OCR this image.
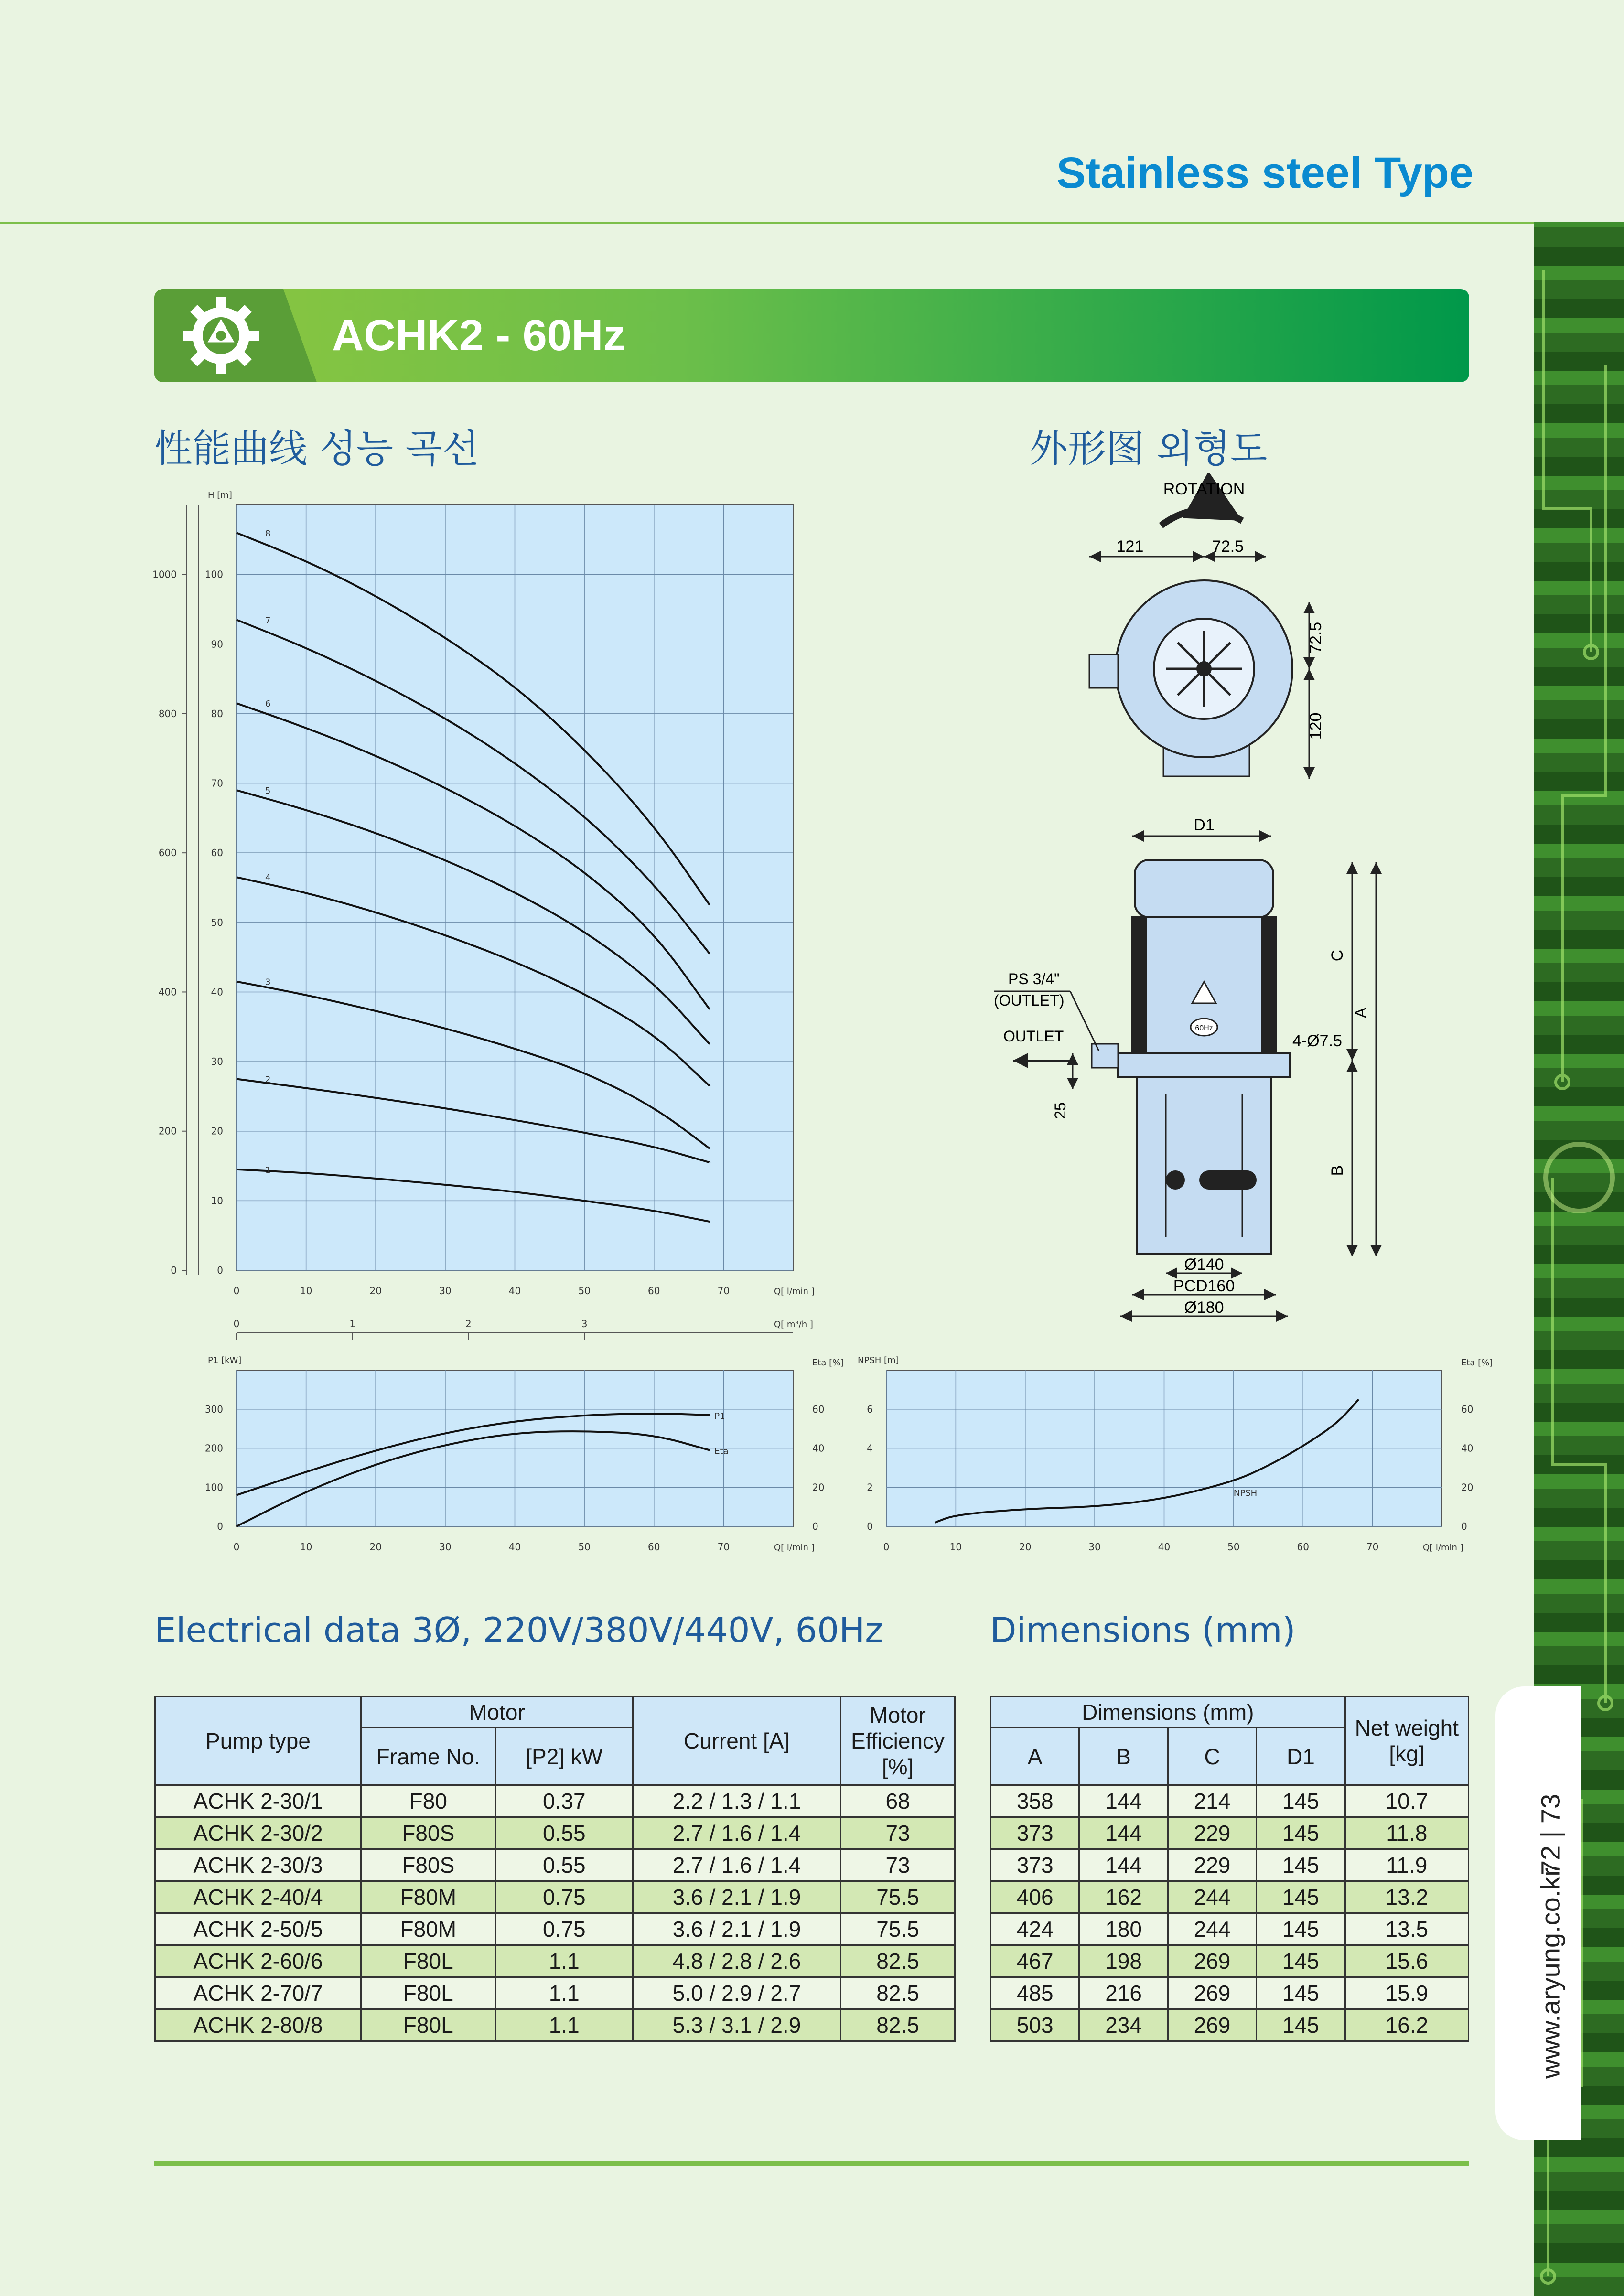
Stainless steel Type
72 | 73
www.aryung.co.kr
ACHK2 - 60Hz
性能曲线 성능 곡선	外形图 외형도
0	10	20	30	40	50	60	70
0
10
20
30
40
50
60
70
80
90
100
Q[ l/min ]
H [m]
1
2
3
4
5
6
7
8
0
200
400
600
800
1000
0	1	2	3	Q[ m³/h ]
0	10	20	30	40	50	60	70
0
100
200
300
0
20
40
60
Eta [%]
Q[ l/min ]
P1 [kW]
P1
Eta
0	10	20	30	40	50	60	70
0
2
4
6
0
20
40
60
Eta [%]
Q[ l/min ]
NPSH [m]
NPSH
ROTATION
121	72.5
72.5
120
D1
60Hz
C
A
B
4-Ø7.5
PS 3/4"
(OUTLET)
OUTLET
25
Ø140
PCD160
Ø180
Electrical data 3Ø, 220V/380V/440V, 60Hz	Dimensions (mm)
Pump type	Motor		Current [A]	Motor Efficiency [%]
	Frame No.	[P2] kW		
ACHK 2-30/1	F80	0.37	2.2 / 1.3 / 1.1	68
ACHK 2-30/2	F80S	0.55	2.7 / 1.6 / 1.4	73
ACHK 2-30/3	F80S	0.55	2.7 / 1.6 / 1.4	73
ACHK 2-40/4	F80M	0.75	3.6 / 2.1 / 1.9	75.5
ACHK 2-50/5	F80M	0.75	3.6 / 2.1 / 1.9	75.5
ACHK 2-60/6	F80L	1.1	4.8 / 2.8 / 2.6	82.5
ACHK 2-70/7	F80L	1.1	5.0 / 2.9 / 2.7	82.5
ACHK 2-80/8	F80L	1.1	5.3 / 3.1 / 2.9	82.5
Dimensions (mm)				Net weight [kg]
A	B	C	D1	
358	144	214	145	10.7
373	144	229	145	11.8
373	144	229	145	11.9
406	162	244	145	13.2
424	180	244	145	13.5
467	198	269	145	15.6
485	216	269	145	15.9
503	234	269	145	16.2
